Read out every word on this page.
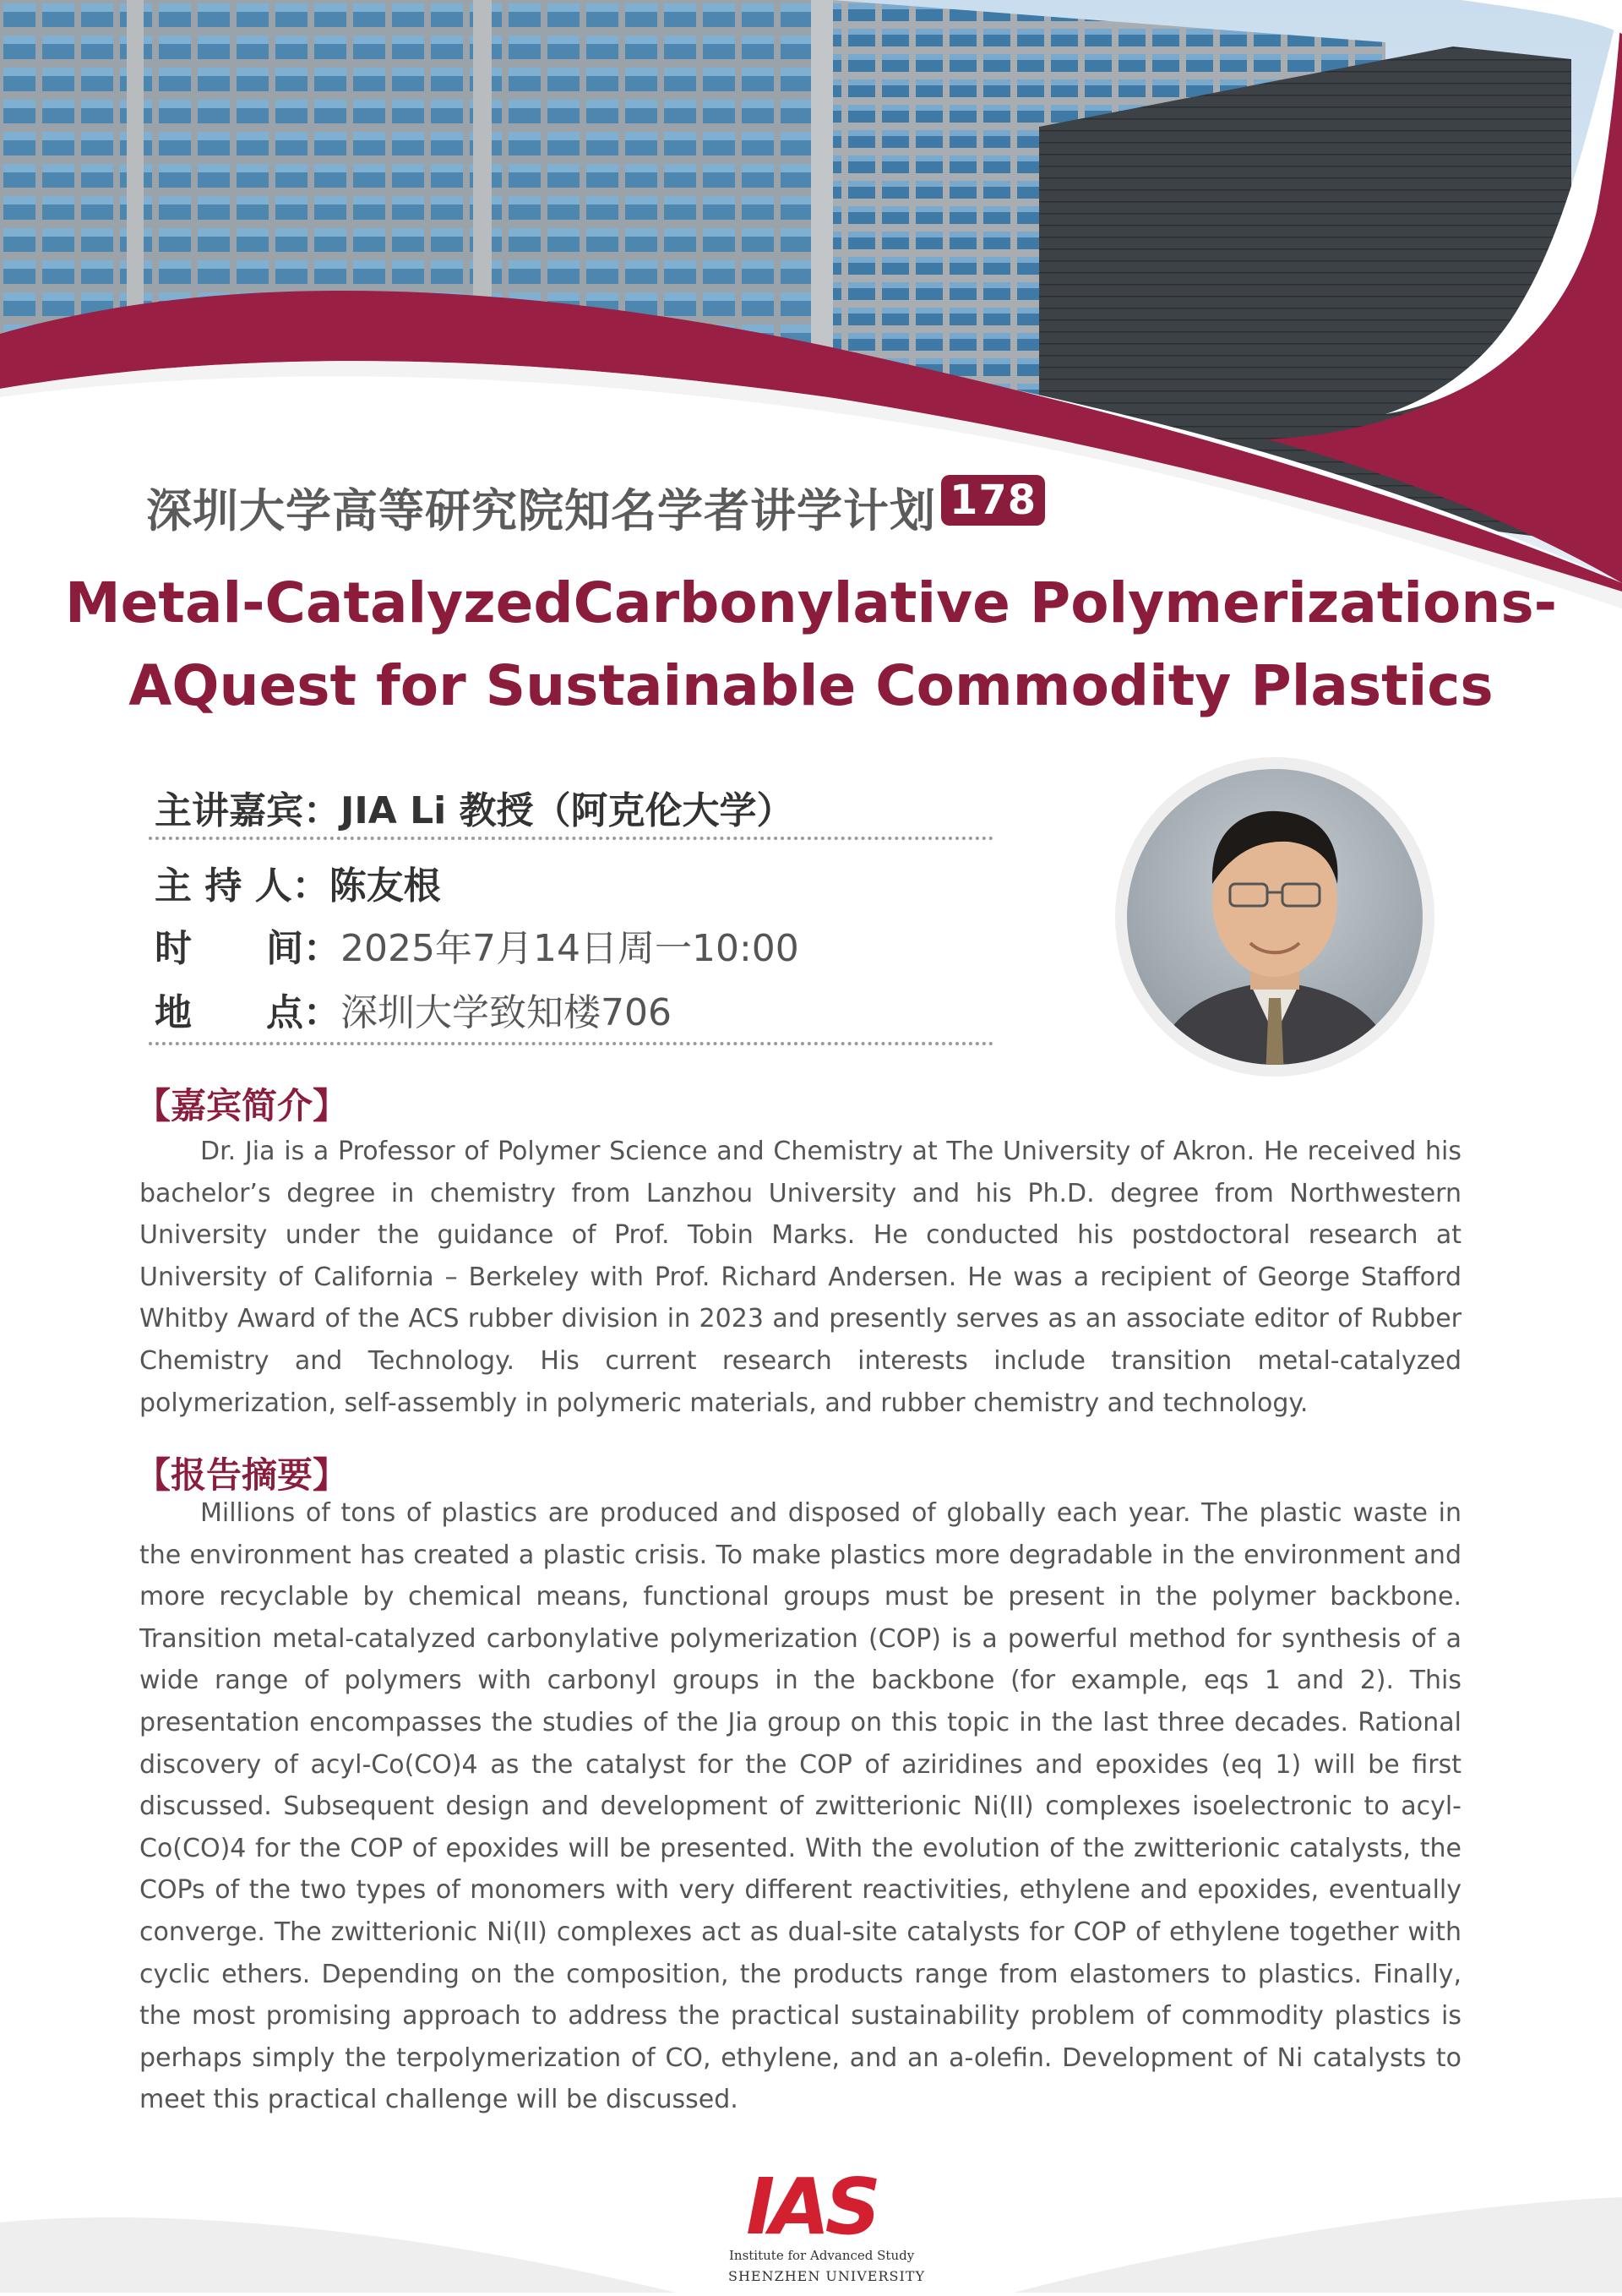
深圳大学高等研究院知名学者讲学计划 178
Metal-CatalyzedCarbonylative Polymerizations-
AQuest for Sustainable Commodity Plastics
主讲嘉宾：JIA Li 教授（阿克伦大学）
主 持 人：陈友根
时　　间：2025年7月14日周一10:00
地　　点：深圳大学致知楼706
【嘉宾简介】

Dr. Jia is a Professor of Polymer Science and Chemistry at The University of Akron. He received his bachelor’s degree in chemistry from Lanzhou University and his Ph.D. degree from Northwestern University under the guidance of Prof. Tobin Marks. He conducted his postdoctoral research at University of California – Berkeley with Prof. Richard Andersen. He was a recipient of George Stafford Whitby Award of the ACS rubber division in 2023 and presently serves as an associate editor of Rubber Chemistry and Technology. His current research interests include transition metal-catalyzed polymerization, self-assembly in polymeric materials, and rubber chemistry and technology.

【报告摘要】

Millions of tons of plastics are produced and disposed of globally each year. The plastic waste in the environment has created a plastic crisis. To make plastics more degradable in the environment and more recyclable by chemical means, functional groups must be present in the polymer backbone. Transition metal-catalyzed carbonylative polymerization (COP) is a powerful method for synthesis of a wide range of polymers with carbonyl groups in the backbone (for example, eqs 1 and 2). This presentation encompasses the studies of the Jia group on this topic in the last three decades. Rational discovery of acyl-Co(CO)4 as the catalyst for the COP of aziridines and epoxides (eq 1) will be first discussed. Subsequent design and development of zwitterionic Ni(II) complexes isoelectronic to acyl-Co(CO)4 for the COP of epoxides will be presented. With the evolution of the zwitterionic catalysts, the COPs of the two types of monomers with very different reactivities, ethylene and epoxides, eventually converge. The zwitterionic Ni(II) complexes act as dual-site catalysts for COP of ethylene together with cyclic ethers. Depending on the composition, the products range from elastomers to plastics. Finally, the most promising approach to address the practical sustainability problem of commodity plastics is perhaps simply the terpolymerization of CO, ethylene, and an a-olefin. Development of Ni catalysts to meet this practical challenge will be discussed.

IAS
Institute for Advanced Study
SHENZHEN UNIVERSITY
